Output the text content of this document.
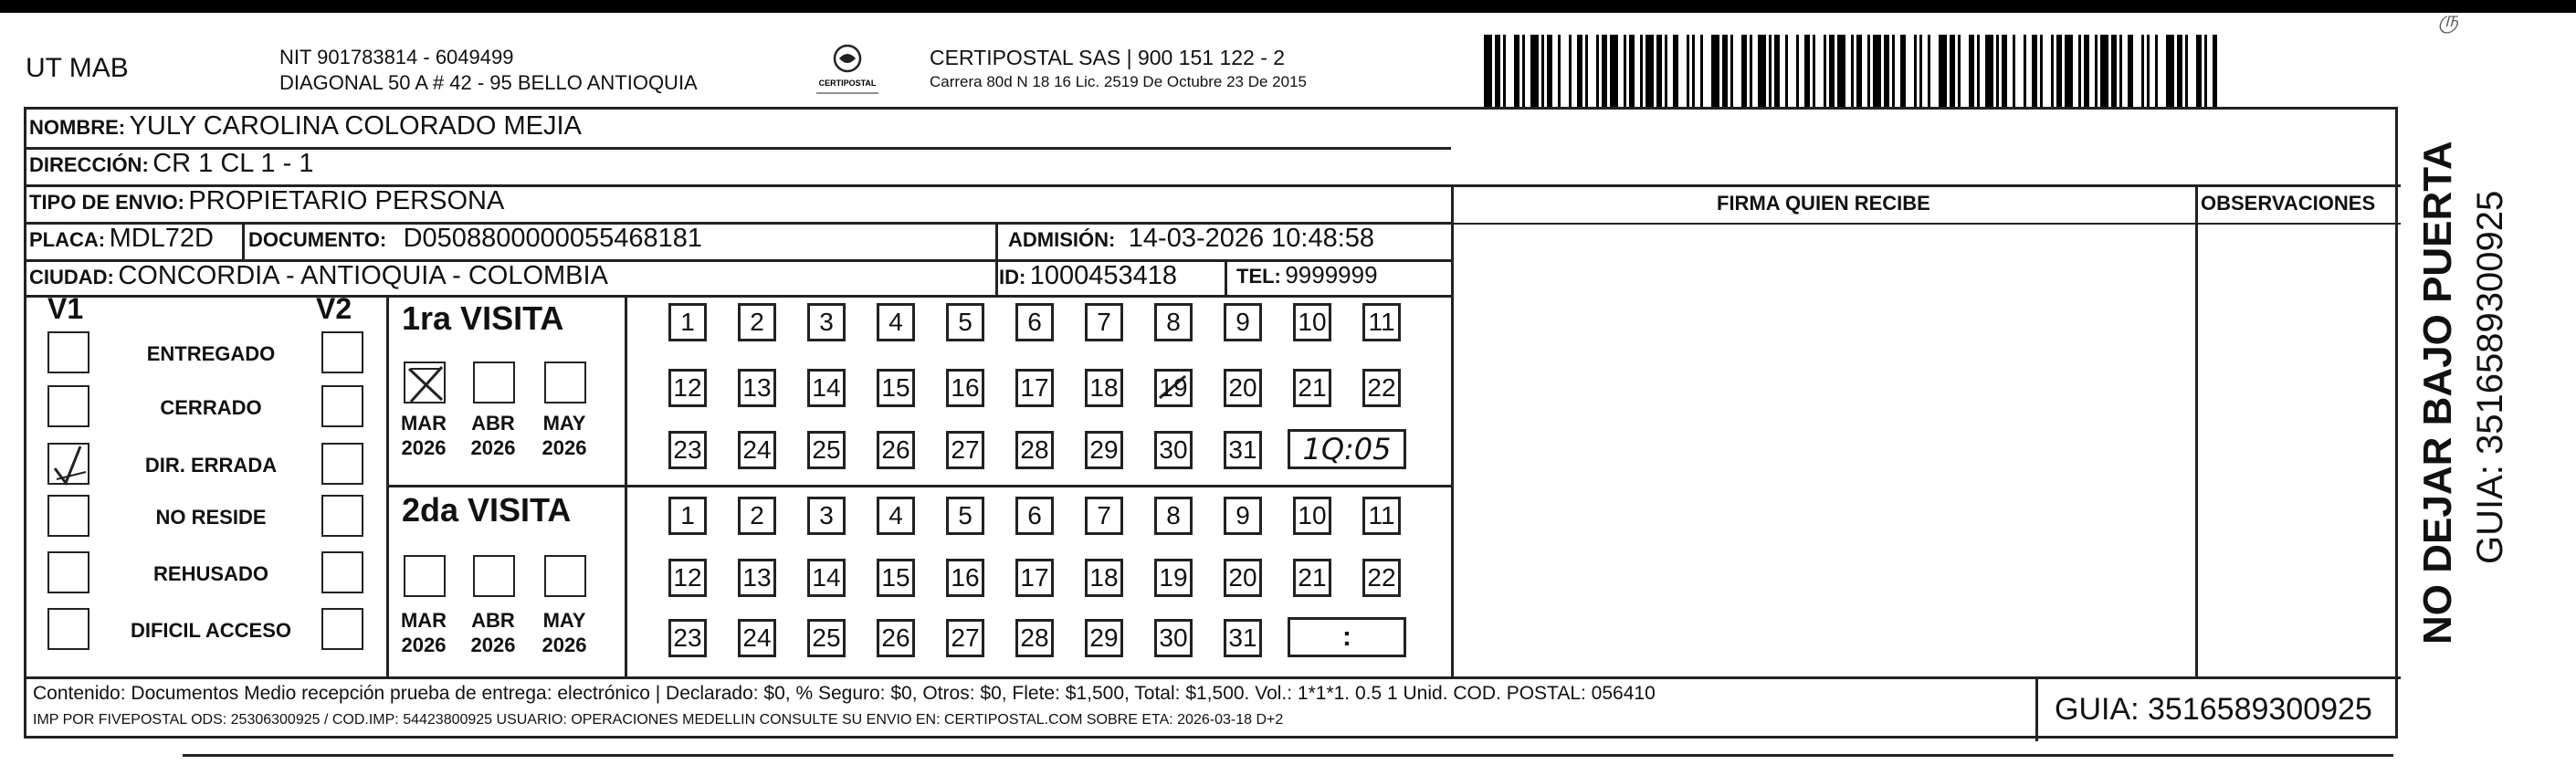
UT MAB	NIT 901783814 - 6049499
DIAGONAL 50 A # 42 - 95 BELLO ANTIOQUIA	CERTIPOSTAL
CERTIPOSTAL SAS | 900 151 122 - 2
Carrera 80d N 18 16 Lic. 2519 De Octubre 23 De 2015
ரு
NOMBRE: YULY CAROLINA COLORADO MEJIA
DIRECCIÓN: CR 1 CL 1 - 1
TIPO DE ENVIO: PROPIETARIO PERSONA	FIRMA QUIEN RECIBE	OBSERVACIONES
PLACA: MDL72D DOCUMENTO: D0508800000055468181	ADMISIÓN: 14-03-2026 10:48:58
CIUDAD: CONCORDIA - ANTIOQUIA - COLOMBIA	ID: 1000453418	TEL: 9999999
V1	V2 1ra VISITA
1Q:05
2da VISITA
:
Contenido: Documentos Medio recepción prueba de entrega: electrónico | Declarado: $0, % Seguro: $0, Otros: $0, Flete: $1,500, Total: $1,500. Vol.: 1*1*1. 0.5 1 Unid. COD. POSTAL: 056410
IMP POR FIVEPOSTAL ODS: 25306300925 / COD.IMP: 54423800925 USUARIO: OPERACIONES MEDELLIN CONSULTE SU ENVIO EN: CERTIPOSTAL.COM SOBRE ETA: 2026-03-18 D+2	GUIA: 3516589300925
NO DEJAR BAJO PUERTA GUIA: 3516589300925
ENTREGADO
CERRADO
DIR. ERRADA
NO RESIDE
REHUSADO
DIFICIL ACCESO
MAR
2026
ABR
2026
MAY
2026
MAR
2026
ABR
2026
MAY
2026
1 2 3 4 5 6 7 8 9 10 11
12 13 14 15 16 17 18 19 20 21 22
23 24 25 26 27 28 29 30 31
1 2 3 4 5 6 7 8 9 10 11
12 13 14 15 16 17 18 19 20 21 22
23 24 25 26 27 28 29 30 31
